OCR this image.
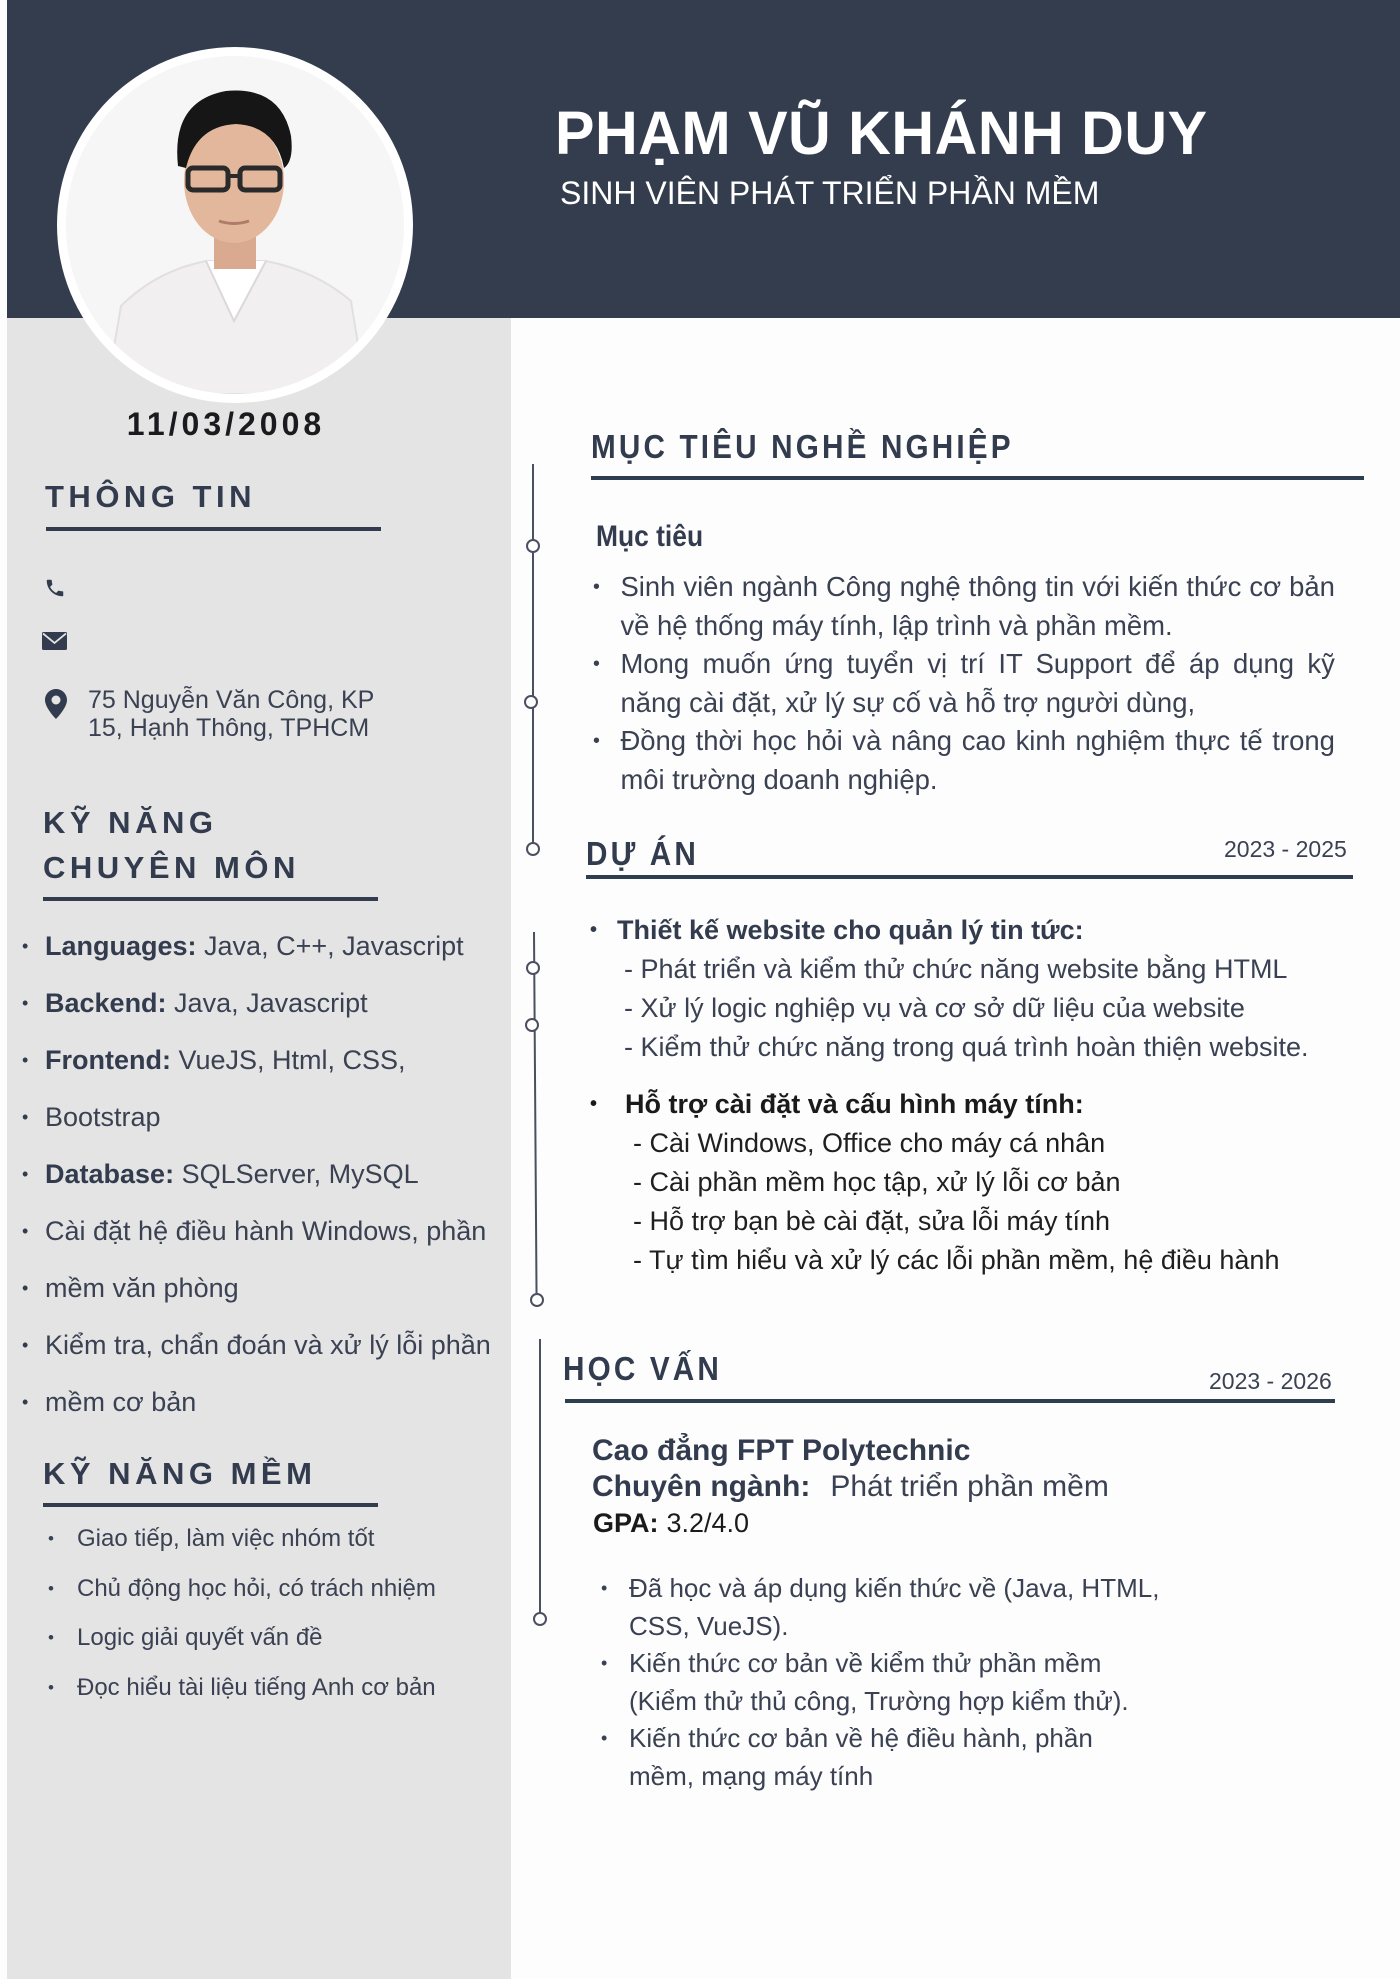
PHẠM VŨ KHÁNH DUY
SINH VIÊN PHÁT TRIỂN PHẦN MỀM
11/03/2008
THÔNG TIN
75 Nguyễn Văn Công, KP
15, Hạnh Thông, TPHCM
KỸ NĂNG
CHUYÊN MÔN
• Languages: Java, C++, Javascript
• Backend: Java, Javascript
• Frontend: VueJS, Html, CSS,
• Bootstrap
• Database: SQLServer, MySQL
• Cài đặt hệ điều hành Windows, phần
• mềm văn phòng
• Kiểm tra, chẩn đoán và xử lý lỗi phần
• mềm cơ bản
KỸ NĂNG MỀM
• Giao tiếp, làm việc nhóm tốt
• Chủ động học hỏi, có trách nhiệm
• Logic giải quyết vấn đề
• Đọc hiểu tài liệu tiếng Anh cơ bản
MỤC TIÊU NGHỀ NGHIỆP
Mục tiêu
• Sinh viên ngành Công nghệ thông tin với kiến thức cơ bản về hệ thống máy tính, lập trình và phần mềm.
• Mong muốn ứng tuyển vị trí IT Support để áp dụng kỹ năng cài đặt, xử lý sự cố và hỗ trợ người dùng,
• Đồng thời học hỏi và nâng cao kinh nghiệm thực tế trong môi trường doanh nghiệp.
DỰ ÁN	2023 - 2025
• Thiết kế website cho quản lý tin tức:
- Phát triển và kiểm thử chức năng website bằng HTML
- Xử lý logic nghiệp vụ và cơ sở dữ liệu của website
- Kiểm thử chức năng trong quá trình hoàn thiện website.
• Hỗ trợ cài đặt và cấu hình máy tính:
- Cài Windows, Office cho máy cá nhân
- Cài phần mềm học tập, xử lý lỗi cơ bản
- Hỗ trợ bạn bè cài đặt, sửa lỗi máy tính
- Tự tìm hiểu và xử lý các lỗi phần mềm, hệ điều hành
HỌC VẤN	2023 - 2026
Cao đẳng FPT Polytechnic
Chuyên ngành: Phát triển phần mềm
GPA: 3.2/4.0
• Đã học và áp dụng kiến thức về (Java, HTML,
CSS, VueJS).
• Kiến thức cơ bản về kiểm thử phần mềm
(Kiểm thử thủ công, Trường hợp kiểm thử).
• Kiến thức cơ bản về hệ điều hành, phần
mềm, mạng máy tính
